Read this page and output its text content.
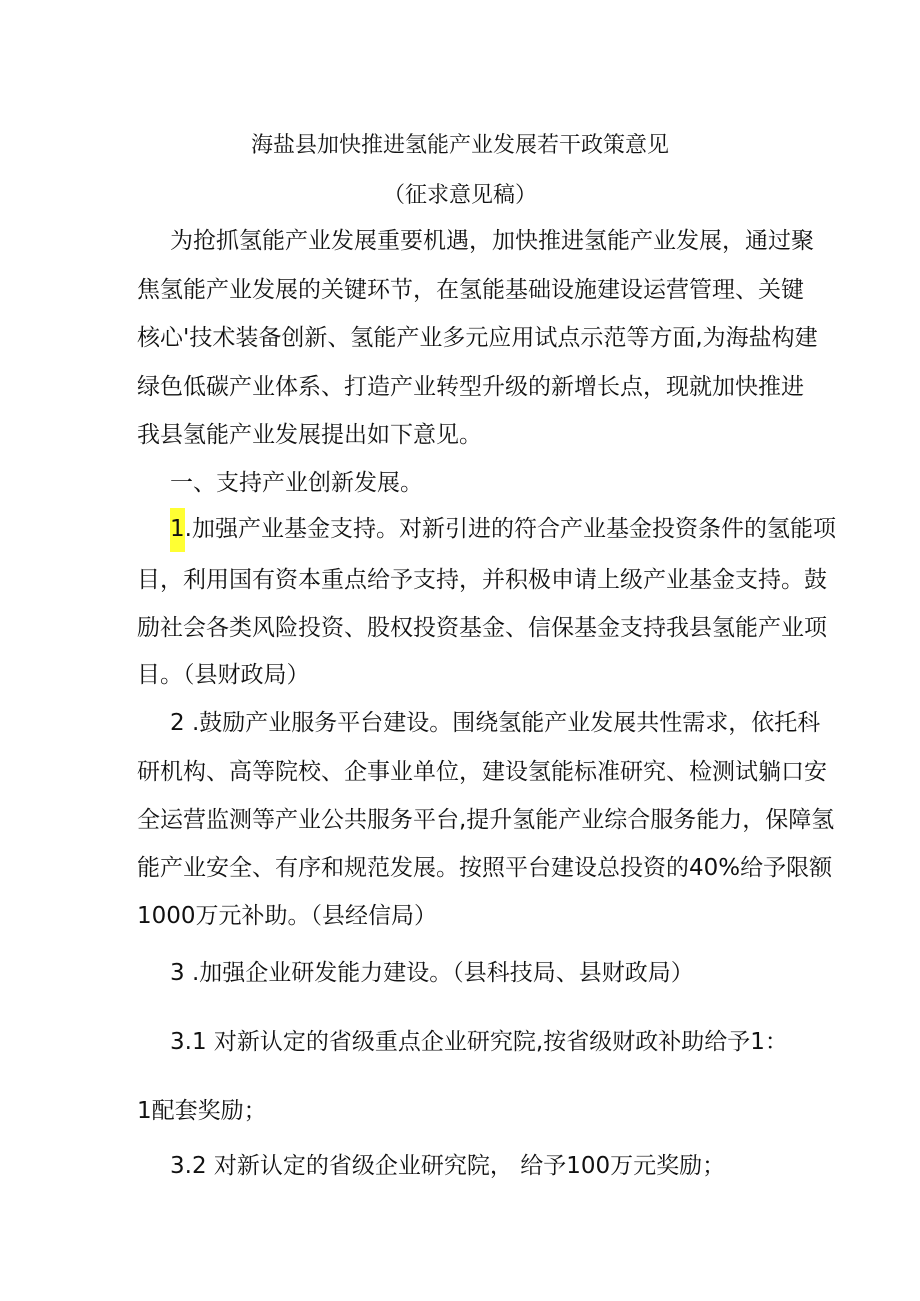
海盐县加快推进氢能产业发展若干政策意见
（征求意见稿）
为抢抓氢能产业发展重要机遇，加快推进氢能产业发展，通过聚
焦氢能产业发展的关键环节，在氢能基础设施建设运营管理、关键
核心'技术装备创新、氢能产业多元应用试点示范等方面,为海盐构建
绿色低碳产业体系、打造产业转型升级的新增长点，现就加快推进
我县氢能产业发展提出如下意见。
一、支持产业创新发展。
1.加强产业基金支持。对新引进的符合产业基金投资条件的氢能项
目，利用国有资本重点给予支持，并积极申请上级产业基金支持。鼓
励社会各类风险投资、股权投资基金、信保基金支持我县氢能产业项
目。（县财政局）
2 .鼓励产业服务平台建设。围绕氢能产业发展共性需求，依托科
研机构、高等院校、企事业单位，建设氢能标准研究、检测试躺口安
全运营监测等产业公共服务平台,提升氢能产业综合服务能力，保障氢
能产业安全、有序和规范发展。按照平台建设总投资的40%给予限额
1000万元补助。（县经信局）
3 .加强企业研发能力建设。（县科技局、县财政局）
3.1 对新认定的省级重点企业研究院,按省级财政补助给予1：
1配套奖励；
3.2 对新认定的省级企业研究院， 给予100万元奖励；
